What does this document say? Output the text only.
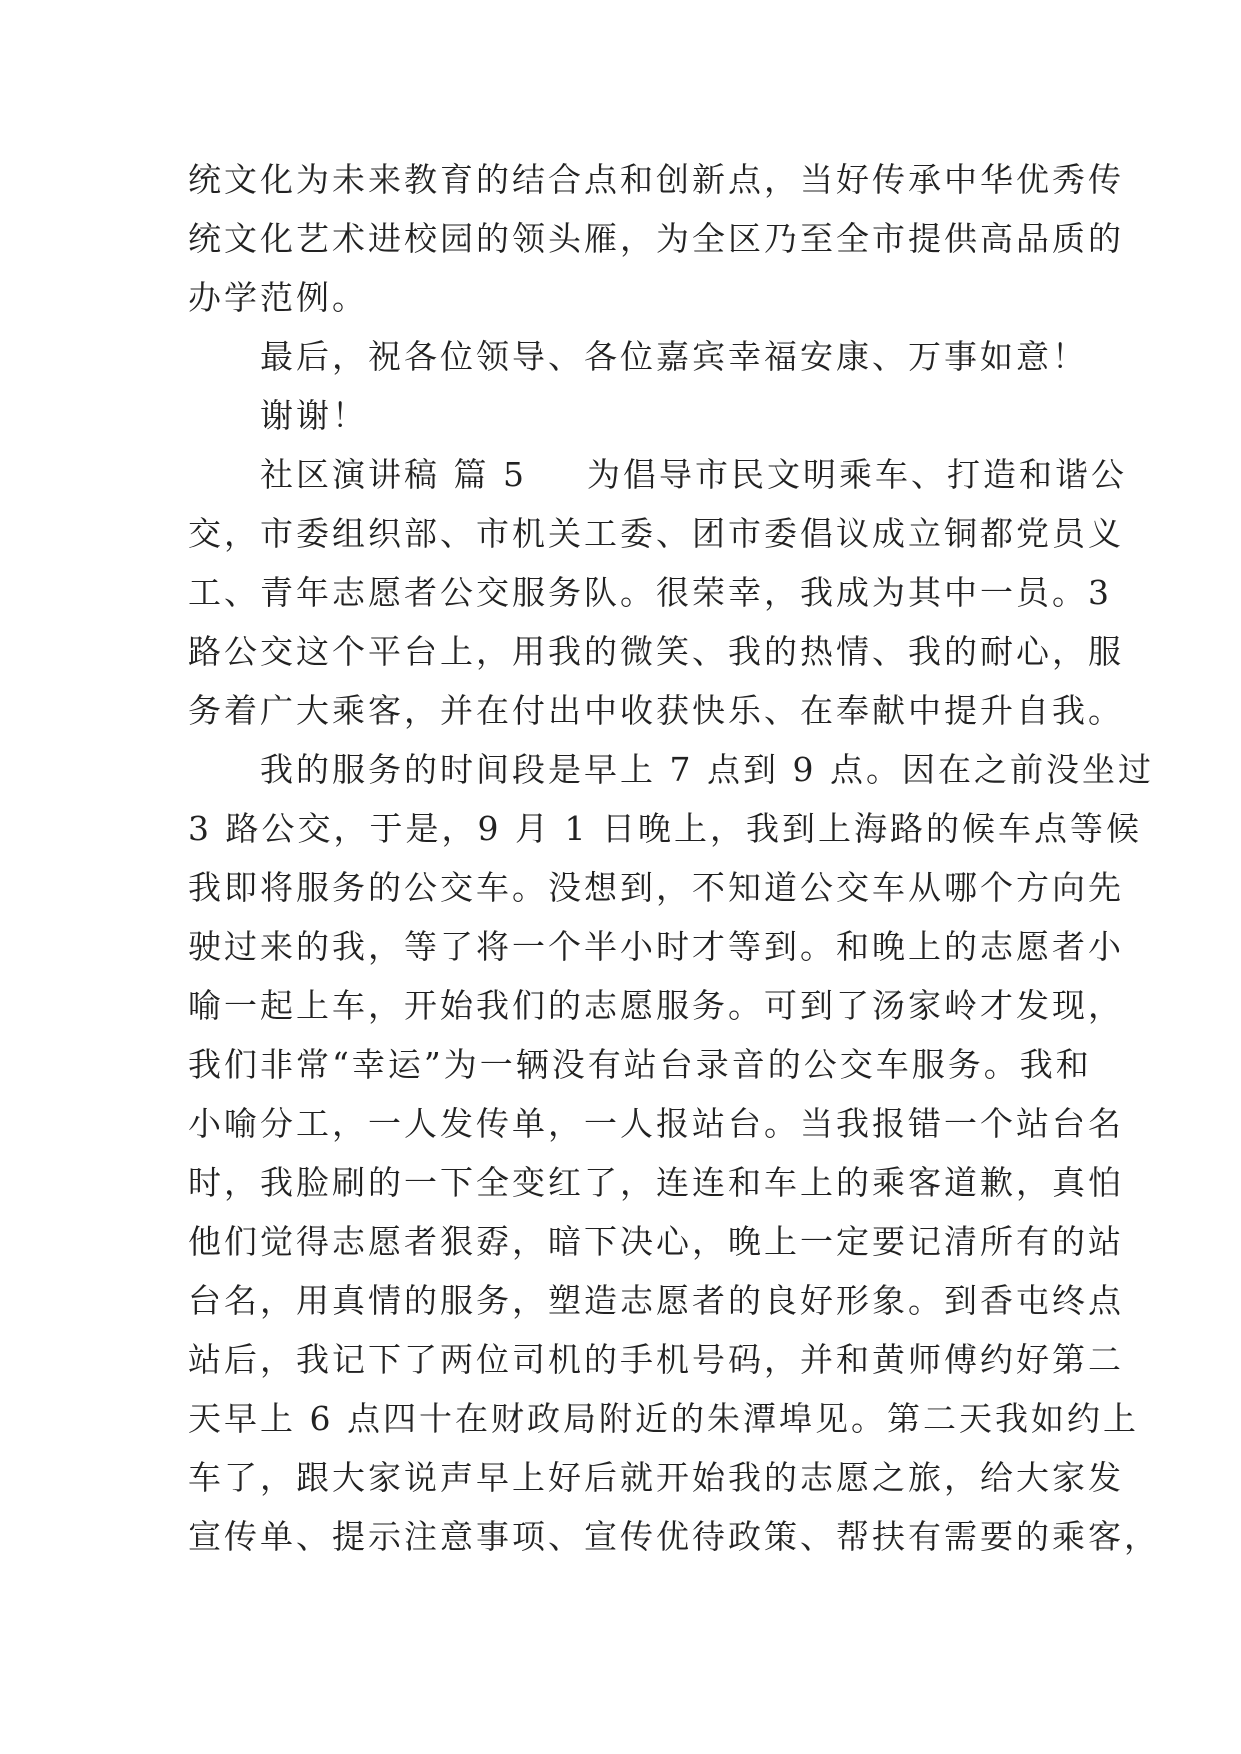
统文化为未来教育的结合点和创新点，当好传承中华优秀传
统文化艺术进校园的领头雁，为全区乃至全市提供高品质的
办学范例。
最后，祝各位领导、各位嘉宾幸福安康、万事如意！
谢谢！
社区演讲稿 篇 5 为倡导市民文明乘车、打造和谐公
交，市委组织部、市机关工委、团市委倡议成立铜都党员义
工、青年志愿者公交服务队。很荣幸，我成为其中一员。3
路公交这个平台上，用我的微笑、我的热情、我的耐心，服
务着广大乘客，并在付出中收获快乐、在奉献中提升自我。
我的服务的时间段是早上 7 点到 9 点。因在之前没坐过
3 路公交，于是，9 月 1 日晚上，我到上海路的候车点等候
我即将服务的公交车。没想到，不知道公交车从哪个方向先
驶过来的我，等了将一个半小时才等到。和晚上的志愿者小
喻一起上车，开始我们的志愿服务。可到了汤家岭才发现，
我们非常“幸运”为一辆没有站台录音的公交车服务。我和
小喻分工，一人发传单，一人报站台。当我报错一个站台名
时，我脸刷的一下全变红了，连连和车上的乘客道歉，真怕
他们觉得志愿者狠孬，暗下决心，晚上一定要记清所有的站
台名，用真情的服务，塑造志愿者的良好形象。到香屯终点
站后，我记下了两位司机的手机号码，并和黄师傅约好第二
天早上 6 点四十在财政局附近的朱潭埠见。第二天我如约上
车了，跟大家说声早上好后就开始我的志愿之旅，给大家发
宣传单、提示注意事项、宣传优待政策、帮扶有需要的乘客，
